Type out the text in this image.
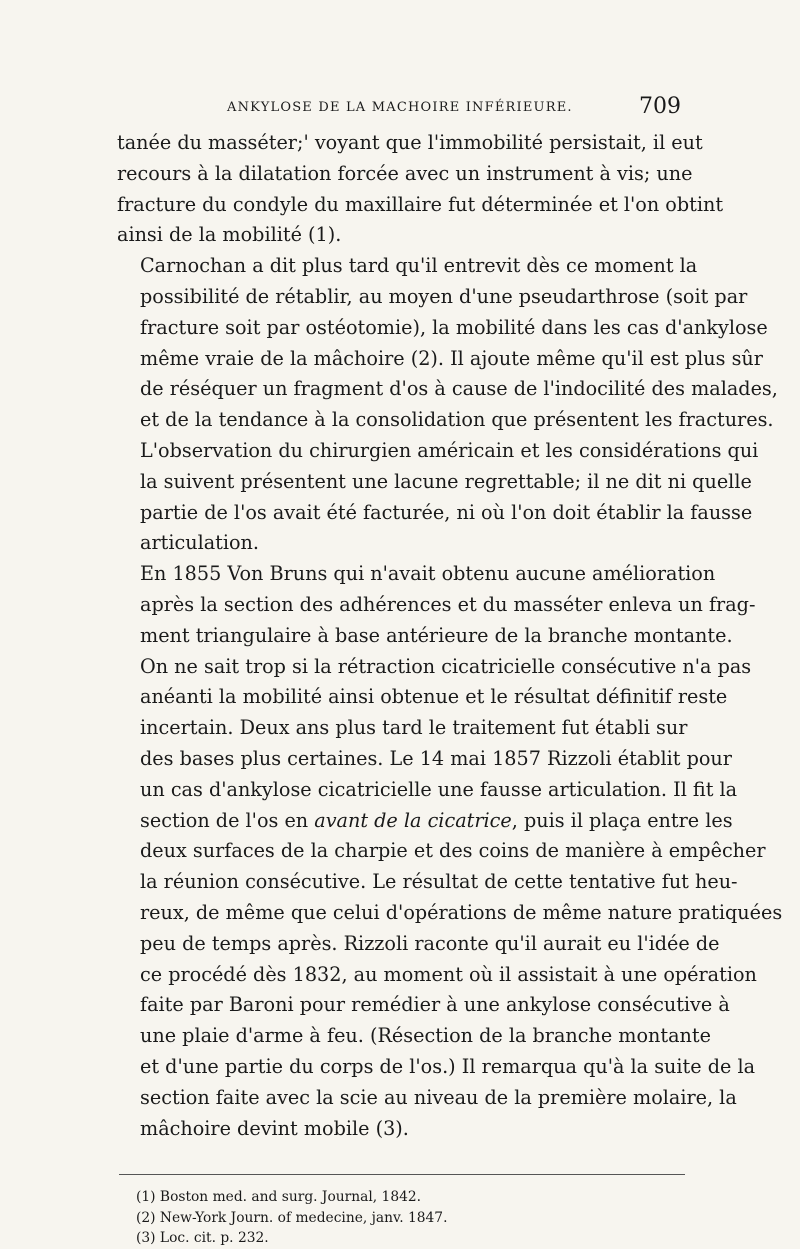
ANKYLOSE DE LA MACHOIRE INFÉRIEURE.	709

tanée du masséter;' voyant que l'immobilité persistait, il eut
recours à la dilatation forcée avec un instrument à vis; une
fracture du condyle du maxillaire fut déterminée et l'on obtint
ainsi de la mobilité (1).

Carnochan a dit plus tard qu'il entrevit dès ce moment la
possibilité de rétablir, au moyen d'une pseudarthrose (soit par
fracture soit par ostéotomie), la mobilité dans les cas d'ankylose
même vraie de la mâchoire (2). Il ajoute même qu'il est plus sûr
de réséquer un fragment d'os à cause de l'indocilité des malades,
et de la tendance à la consolidation que présentent les fractures.
L'observation du chirurgien américain et les considérations qui
la suivent présentent une lacune regrettable; il ne dit ni quelle
partie de l'os avait été facturée, ni où l'on doit établir la fausse
articulation.

En 1855 Von Bruns qui n'avait obtenu aucune amélioration
après la section des adhérences et du masséter enleva un frag-
ment triangulaire à base antérieure de la branche montante.
On ne sait trop si la rétraction cicatricielle consécutive n'a pas
anéanti la mobilité ainsi obtenue et le résultat définitif reste
incertain. Deux ans plus tard le traitement fut établi sur
des bases plus certaines. Le 14 mai 1857 Rizzoli établit pour
un cas d'ankylose cicatricielle une fausse articulation. Il fit la
section de l'os en avant de la cicatrice, puis il plaça entre les
deux surfaces de la charpie et des coins de manière à empêcher
la réunion consécutive. Le résultat de cette tentative fut heu-
reux, de même que celui d'opérations de même nature pratiquées
peu de temps après. Rizzoli raconte qu'il aurait eu l'idée de
ce procédé dès 1832, au moment où il assistait à une opération
faite par Baroni pour remédier à une ankylose consécutive à
une plaie d'arme à feu. (Résection de la branche montante
et d'une partie du corps de l'os.) Il remarqua qu'à la suite de la
section faite avec la scie au niveau de la première molaire, la
mâchoire devint mobile (3).

(1) Boston med. and surg. Journal, 1842.
(2) New-York Journ. of medecine, janv. 1847.
(3) Loc. cit. p. 232.
